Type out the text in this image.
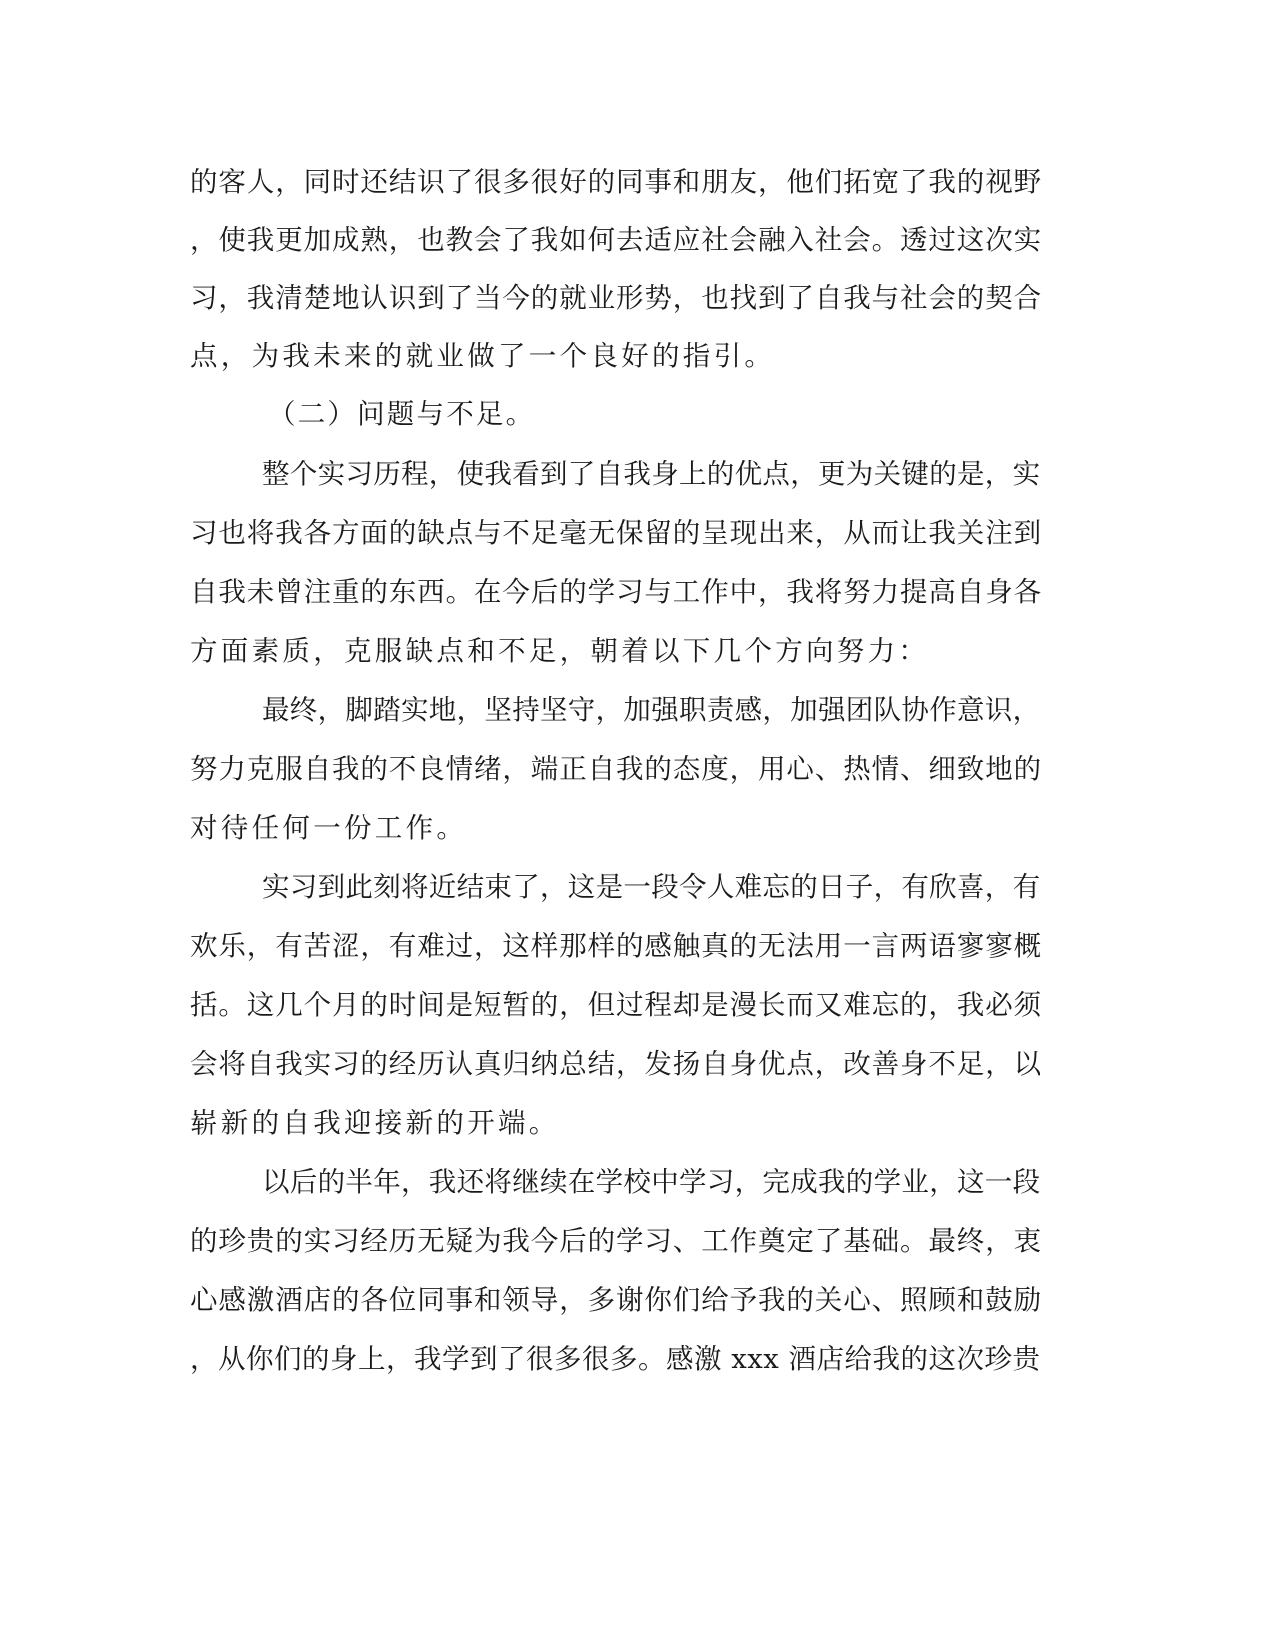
的客人，同时还结识了很多很好的同事和朋友，他们拓宽了我的视野
，使我更加成熟，也教会了我如何去适应社会融入社会。透过这次实
习，我清楚地认识到了当今的就业形势，也找到了自我与社会的契合
点，为我未来的就业做了一个良好的指引。
（二）问题与不足。
整个实习历程，使我看到了自我身上的优点，更为关键的是，实
习也将我各方面的缺点与不足毫无保留的呈现出来，从而让我关注到
自我未曾注重的东西。在今后的学习与工作中，我将努力提高自身各
方面素质，克服缺点和不足，朝着以下几个方向努力：
最终，脚踏实地，坚持坚守，加强职责感，加强团队协作意识，
努力克服自我的不良情绪，端正自我的态度，用心、热情、细致地的
对待任何一份工作。
实习到此刻将近结束了，这是一段令人难忘的日子，有欣喜，有
欢乐，有苦涩，有难过，这样那样的感触真的无法用一言两语寥寥概
括。这几个月的时间是短暂的，但过程却是漫长而又难忘的，我必须
会将自我实习的经历认真归纳总结，发扬自身优点，改善身不足，以
崭新的自我迎接新的开端。
以后的半年，我还将继续在学校中学习，完成我的学业，这一段
的珍贵的实习经历无疑为我今后的学习、工作奠定了基础。最终，衷
心感激酒店的各位同事和领导，多谢你们给予我的关心、照顾和鼓励
，从你们的身上，我学到了很多很多。感激 xxx 酒店给我的这次珍贵
